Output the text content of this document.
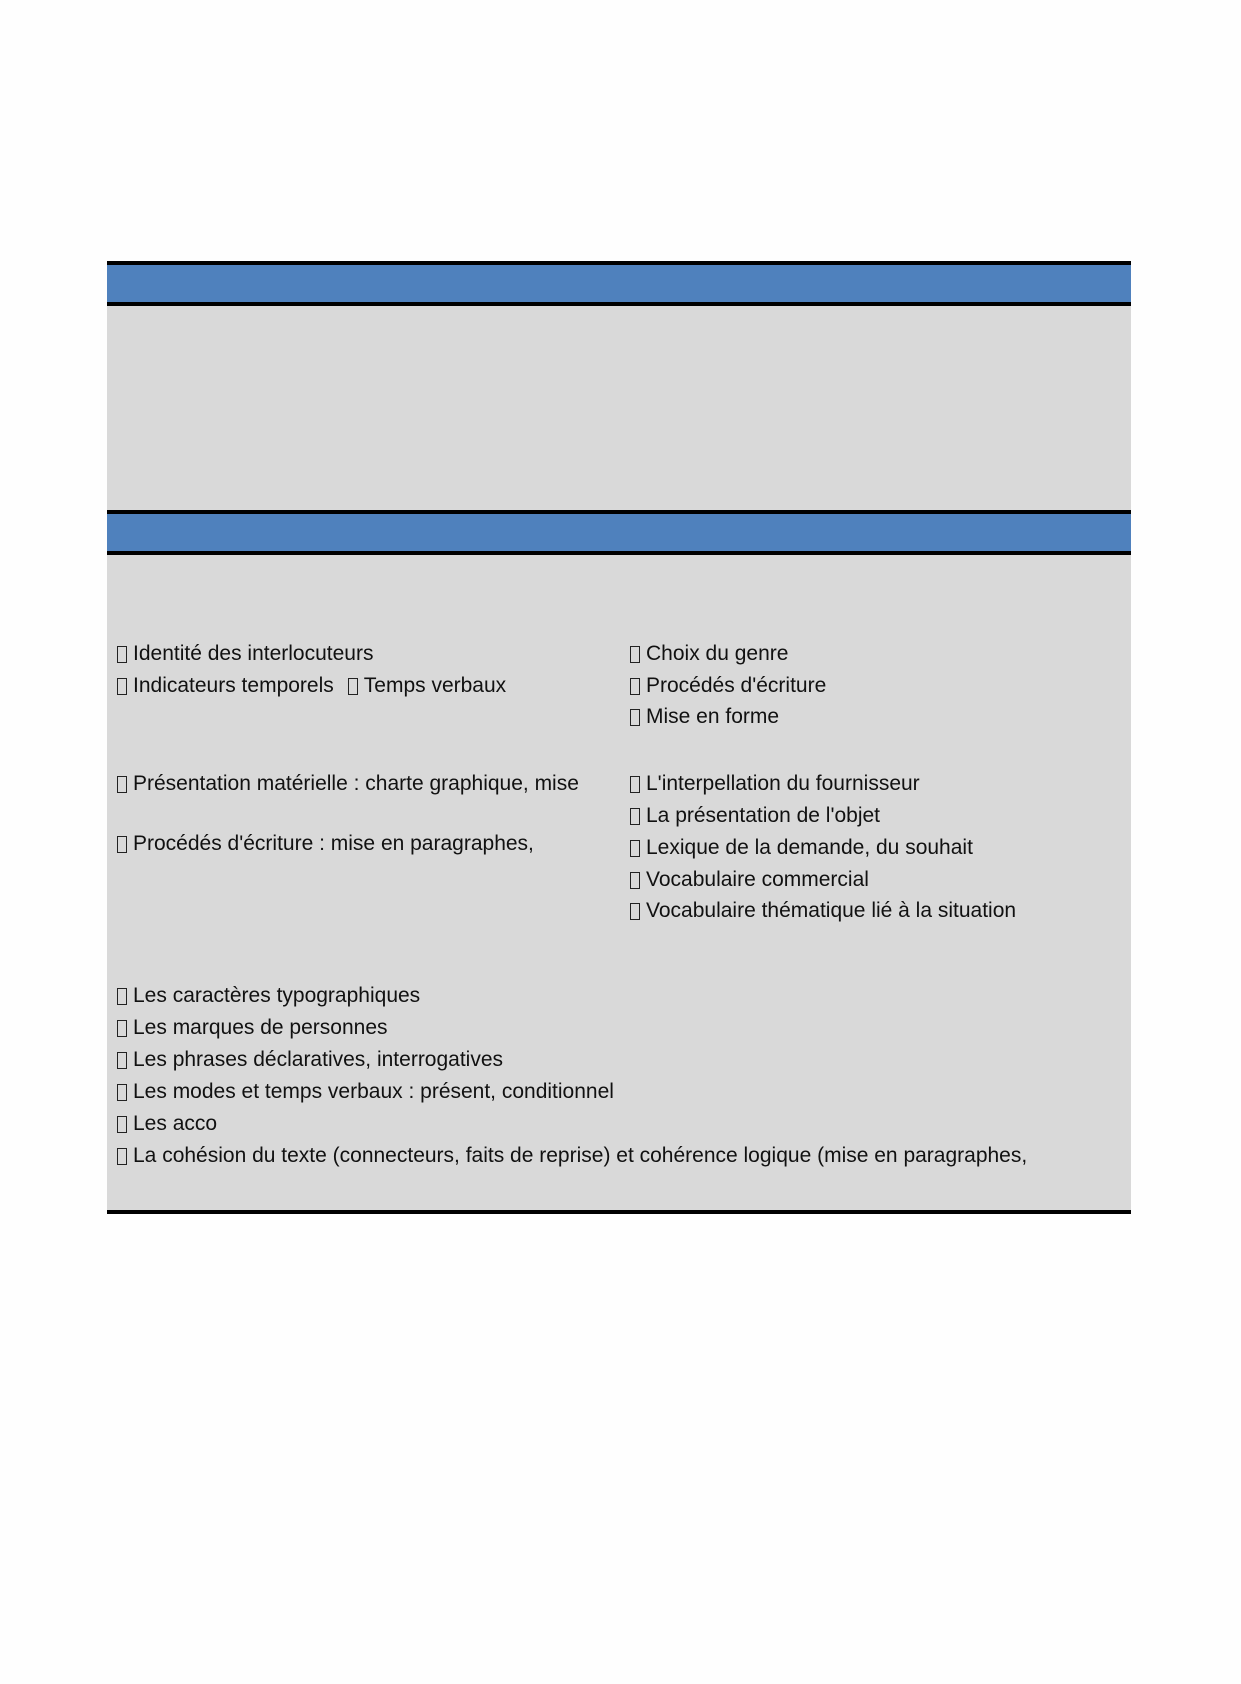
Identité des interlocuteurs
Indicateurs temporels Temps verbaux
Choix du genre
Procédés d'écriture
Mise en forme
Présentation matérielle : charte graphique, mise
Procédés d'écriture : mise en paragraphes,
L'interpellation du fournisseur
La présentation de l'objet
Lexique de la demande, du souhait
Vocabulaire commercial
Vocabulaire thématique lié à la situation
Les caractères typographiques
Les marques de personnes
Les phrases déclaratives, interrogatives
Les modes et temps verbaux : présent, conditionnel
Les acco
La cohésion du texte (connecteurs, faits de reprise) et cohérence logique (mise en paragraphes,
